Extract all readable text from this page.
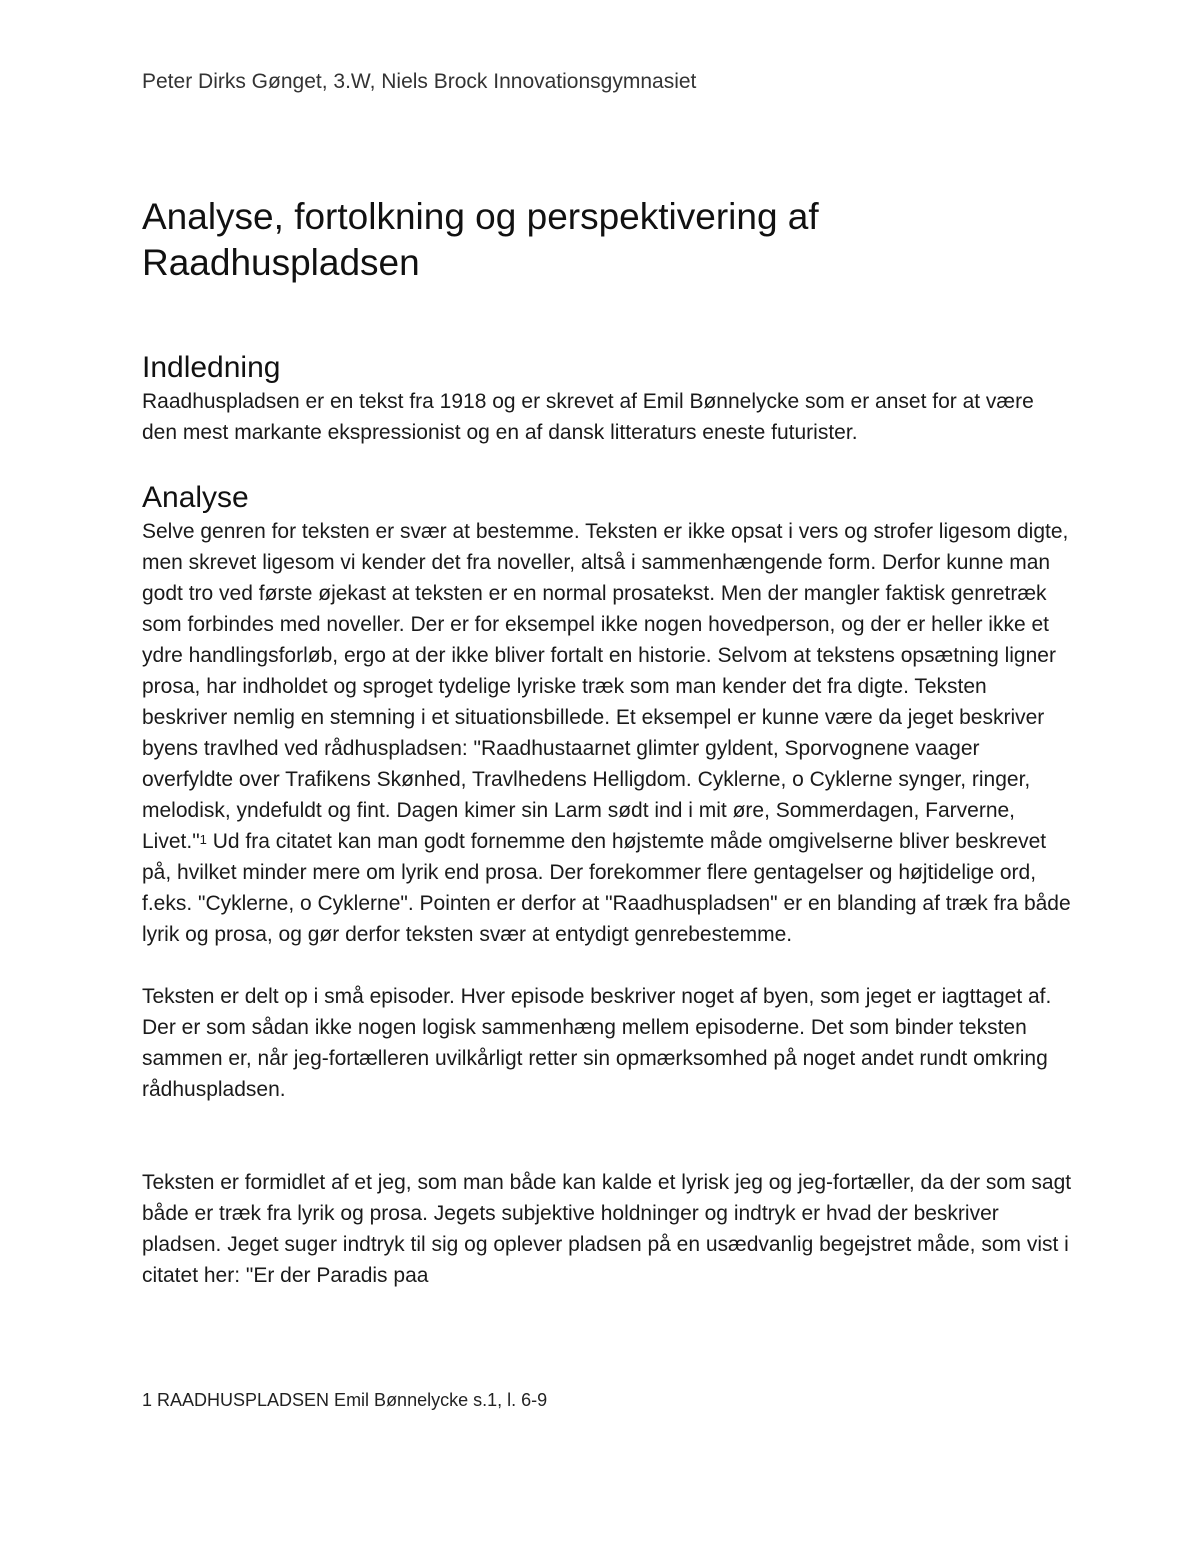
Peter Dirks Gønget, 3.W, Niels Brock Innovationsgymnasiet
Analyse, fortolkning og perspektivering af
Raadhuspladsen
Indledning

Raadhuspladsen er en tekst fra 1918 og er skrevet af Emil Bønnelycke som er anset for at være den mest markante ekspressionist og en af dansk litteraturs eneste futurister.

Analyse

Selve genren for teksten er svær at bestemme. Teksten er ikke opsat i vers og strofer ligesom digte, men skrevet ligesom vi kender det fra noveller, altså i sammenhængende form. Derfor kunne man godt tro ved første øjekast at teksten er en normal prosatekst. Men der mangler faktisk genretræk som forbindes med noveller. Der er for eksempel ikke nogen hovedperson, og der er heller ikke et ydre handlingsforløb, ergo at der ikke bliver fortalt en historie. Selvom at tekstens opsætning ligner prosa, har indholdet og sproget tydelige lyriske træk som man kender det fra digte. Teksten beskriver nemlig en stemning i et situationsbillede. Et eksempel er kunne være da jeget beskriver byens travlhed ved rådhuspladsen: "Raadhustaarnet glimter gyldent, Sporvognene vaager overfyldte over Trafikens Skønhed, Travlhedens Helligdom. Cyklerne, o Cyklerne synger, ringer, melodisk, yndefuldt og fint. Dagen kimer sin Larm sødt ind i mit øre, Sommerdagen, Farverne, Livet."$^1$ Ud fra citatet kan man godt fornemme den højstemte måde omgivelserne bliver beskrevet på, hvilket minder mere om lyrik end prosa. Der forekommer flere gentagelser og højtidelige ord, f.eks. "Cyklerne, o Cyklerne". Pointen er derfor at "Raadhuspladsen" er en blanding af træk fra både lyrik og prosa, og gør derfor teksten svær at entydigt genrebestemme.

Teksten er delt op i små episoder. Hver episode beskriver noget af byen, som jeget er iagttaget af. Der er som sådan ikke nogen logisk sammenhæng mellem episoderne. Det som binder teksten sammen er, når jeg-fortælleren uvilkårligt retter sin opmærksomhed på noget andet rundt omkring rådhuspladsen.

Teksten er formidlet af et jeg, som man både kan kalde et lyrisk jeg og jeg-fortæller, da der som sagt både er træk fra lyrik og prosa. Jegets subjektive holdninger og indtryk er hvad der beskriver pladsen. Jeget suger indtryk til sig og oplever pladsen på en usædvanlig begejstret måde, som vist i citatet her: "Er der Paradis paa

1 RAADHUSPLADSEN Emil Bønnelycke s.1, l. 6-9
